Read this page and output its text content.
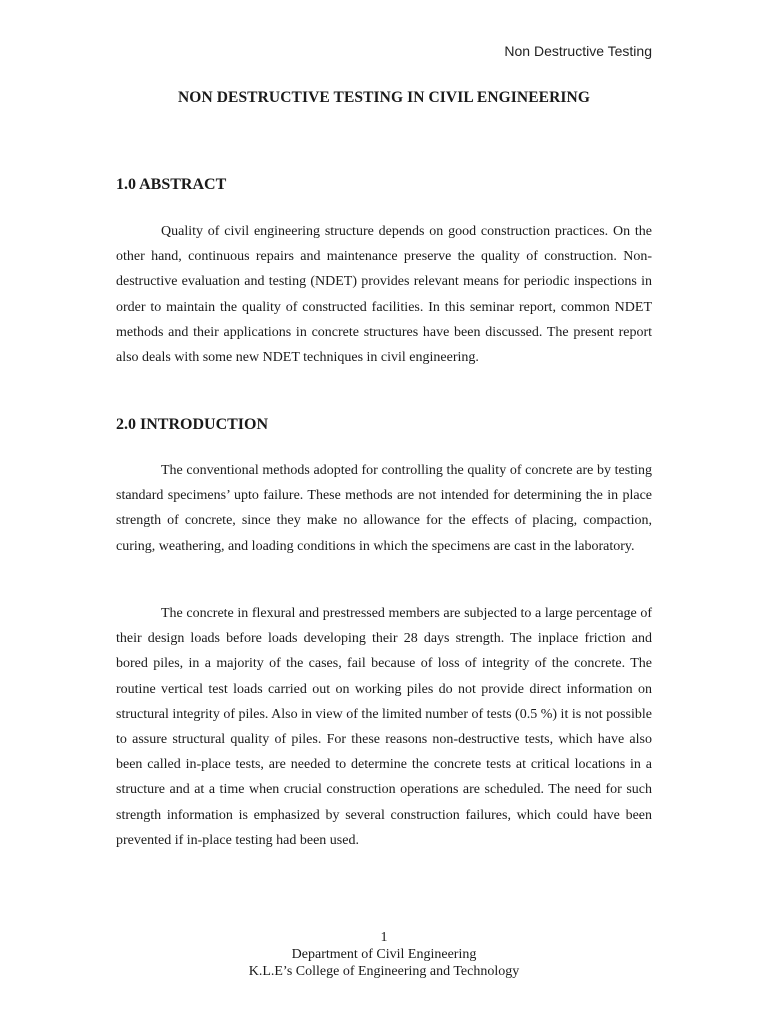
Non Destructive Testing
NON DESTRUCTIVE TESTING IN CIVIL ENGINEERING
1.0 ABSTRACT

Quality of civil engineering structure depends on good construction practices. On the other hand, continuous repairs and maintenance preserve the quality of construction. Non-destructive evaluation and testing (NDET) provides relevant means for periodic inspections in order to maintain the quality of constructed facilities. In this seminar report, common NDET methods and their applications in concrete structures have been discussed. The present report also deals with some new NDET techniques in civil engineering.

2.0 INTRODUCTION

The conventional methods adopted for controlling the quality of concrete are by testing standard specimens’ upto failure. These methods are not intended for determining the in place strength of concrete, since they make no allowance for the effects of placing, compaction, curing, weathering, and loading conditions in which the specimens are cast in the laboratory.

The concrete in flexural and prestressed members are subjected to a large percentage of their design loads before loads developing their 28 days strength. The inplace friction and bored piles, in a majority of the cases, fail because of loss of integrity of the concrete. The routine vertical test loads carried out on working piles do not provide direct information on structural integrity of piles. Also in view of the limited number of tests (0.5 %) it is not possible to assure structural quality of piles. For these reasons non-destructive tests, which have also been called in-place tests, are needed to determine the concrete tests at critical locations in a structure and at a time when crucial construction operations are scheduled. The need for such strength information is emphasized by several construction failures, which could have been prevented if in-place testing had been used.

1
Department of Civil Engineering
K.L.E’s College of Engineering and Technology
